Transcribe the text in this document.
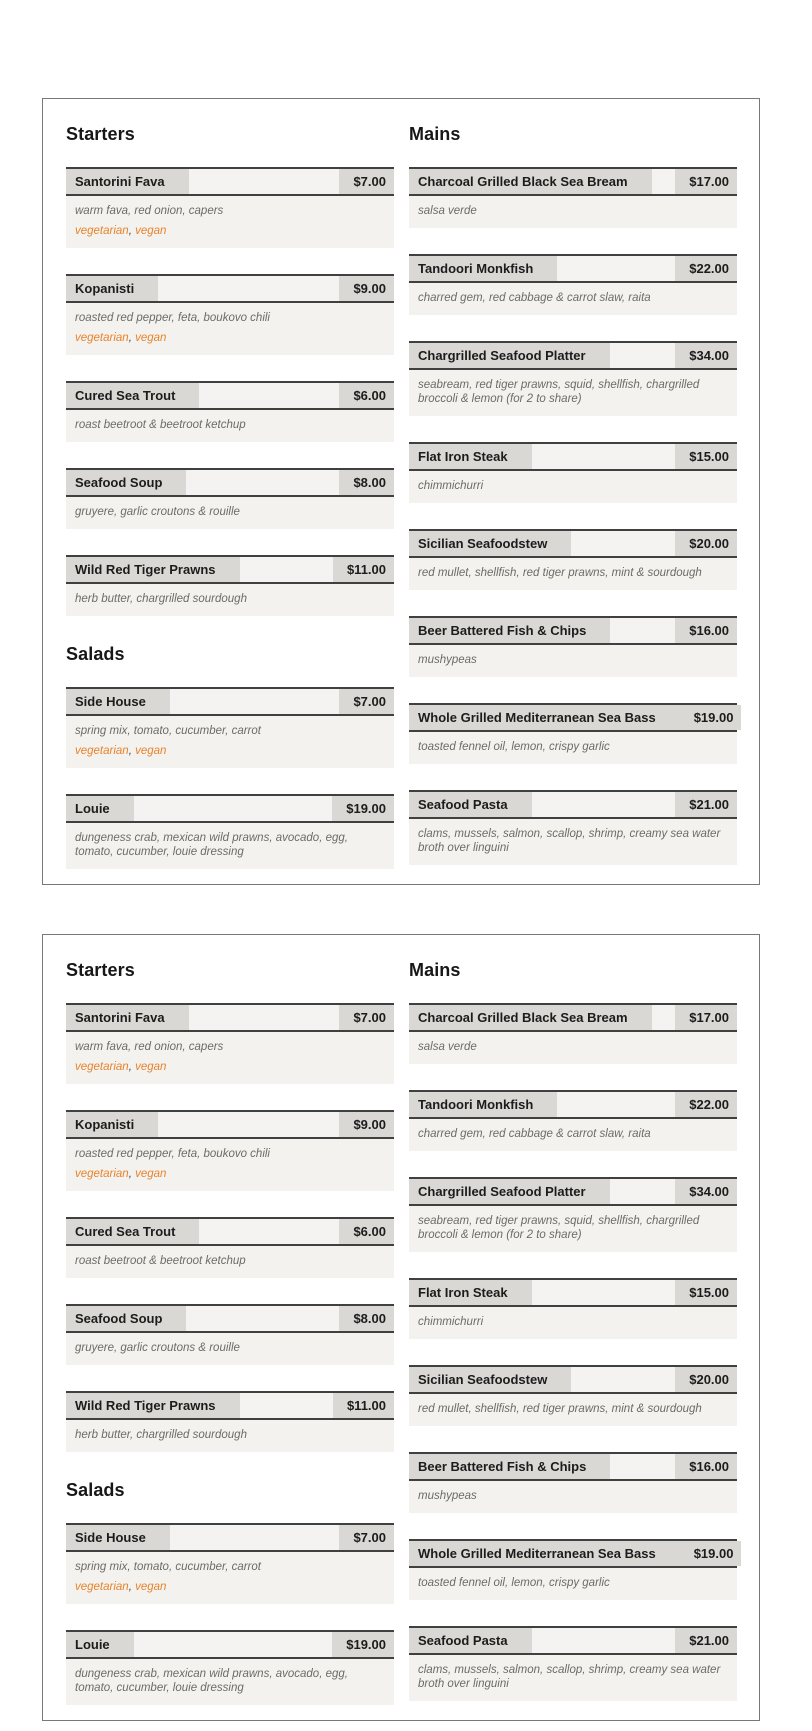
Starters
Santorini Fava	$7.00

warm fava, red onion, capers

vegetarian, vegan

Kopanisti	$9.00

roasted red pepper, feta, boukovo chili

vegetarian, vegan

Cured Sea Trout	$6.00

roast beetroot & beetroot ketchup

Seafood Soup	$8.00

gruyere, garlic croutons & rouille

Wild Red Tiger Prawns	$11.00

herb butter, chargrilled sourdough

Salads
Side House	$7.00

spring mix, tomato, cucumber, carrot

vegetarian, vegan

Louie	$19.00

dungeness crab, mexican wild prawns, avocado, egg, tomato, cucumber, louie dressing

Mains
Charcoal Grilled Black Sea Bream	$17.00

salsa verde

Tandoori Monkfish	$22.00

charred gem, red cabbage & carrot slaw, raita

Chargrilled Seafood Platter	$34.00

seabream, red tiger prawns, squid, shellfish, chargrilled broccoli & lemon (for 2 to share)

Flat Iron Steak	$15.00

chimmichurri

Sicilian Seafoodstew	$20.00

red mullet, shellfish, red tiger prawns, mint & sourdough

Beer Battered Fish & Chips	$16.00

mushypeas

Whole Grilled Mediterranean Sea Bass	$19.00

toasted fennel oil, lemon, crispy garlic

Seafood Pasta	$21.00

clams, mussels, salmon, scallop, shrimp, creamy sea water broth over linguini

Starters
Santorini Fava	$7.00

warm fava, red onion, capers

vegetarian, vegan

Kopanisti	$9.00

roasted red pepper, feta, boukovo chili

vegetarian, vegan

Cured Sea Trout	$6.00

roast beetroot & beetroot ketchup

Seafood Soup	$8.00

gruyere, garlic croutons & rouille

Wild Red Tiger Prawns	$11.00

herb butter, chargrilled sourdough

Salads
Side House	$7.00

spring mix, tomato, cucumber, carrot

vegetarian, vegan

Louie	$19.00

dungeness crab, mexican wild prawns, avocado, egg, tomato, cucumber, louie dressing

Mains
Charcoal Grilled Black Sea Bream	$17.00

salsa verde

Tandoori Monkfish	$22.00

charred gem, red cabbage & carrot slaw, raita

Chargrilled Seafood Platter	$34.00

seabream, red tiger prawns, squid, shellfish, chargrilled broccoli & lemon (for 2 to share)

Flat Iron Steak	$15.00

chimmichurri

Sicilian Seafoodstew	$20.00

red mullet, shellfish, red tiger prawns, mint & sourdough

Beer Battered Fish & Chips	$16.00

mushypeas

Whole Grilled Mediterranean Sea Bass	$19.00

toasted fennel oil, lemon, crispy garlic

Seafood Pasta	$21.00

clams, mussels, salmon, scallop, shrimp, creamy sea water broth over linguini
